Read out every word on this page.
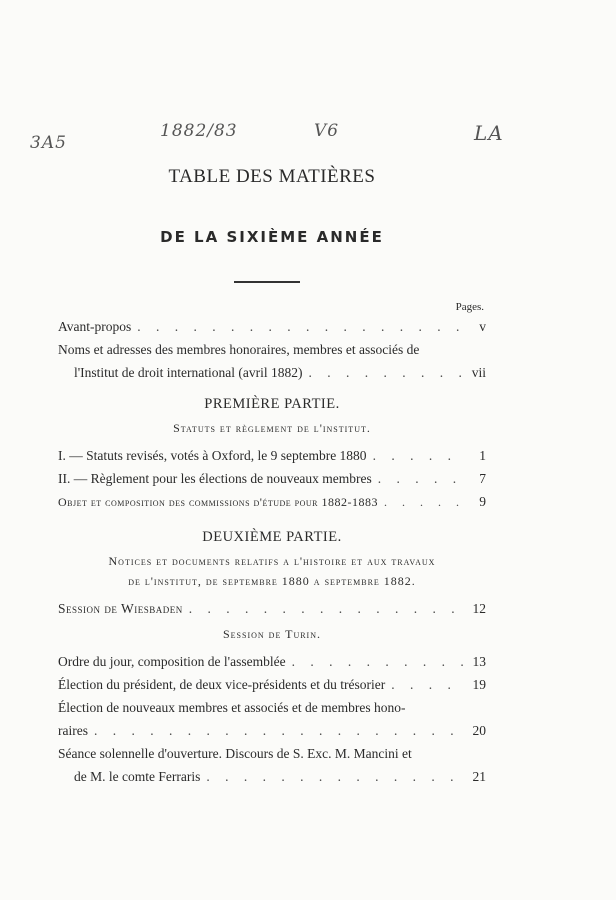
3A5
1882/83	V6	LA
TABLE DES MATIÈRES
DE LA SIXIÈME ANNÉE
Pages.
Avant-propos . . .	v
Noms et adresses des membres honoraires, membres et associés de
l'Institut de droit international (avril 1882) . . .	vii
PREMIÈRE PARTIE.
Statuts et règlement de l'institut.
I. — Statuts revisés, votés à Oxford, le 9 septembre 1880 . . .	1
II. — Règlement pour les élections de nouveaux membres . . .	7
Objet et composition des commissions d'étude pour 1882-1883 . . .	9
DEUXIÈME PARTIE.
Notices et documents relatifs a l'histoire et aux travaux
de l'institut, de septembre 1880 a septembre 1882.
Session de Wiesbaden . . .	12
Session de Turin.
Ordre du jour, composition de l'assemblée . . .	13
Élection du président, de deux vice-présidents et du trésorier . . .	19
Élection de nouveaux membres et associés et de membres hono-
raires . . .	20
Séance solennelle d'ouverture. Discours de S. Exc. M. Mancini et
de M. le comte Ferraris . . .	21
